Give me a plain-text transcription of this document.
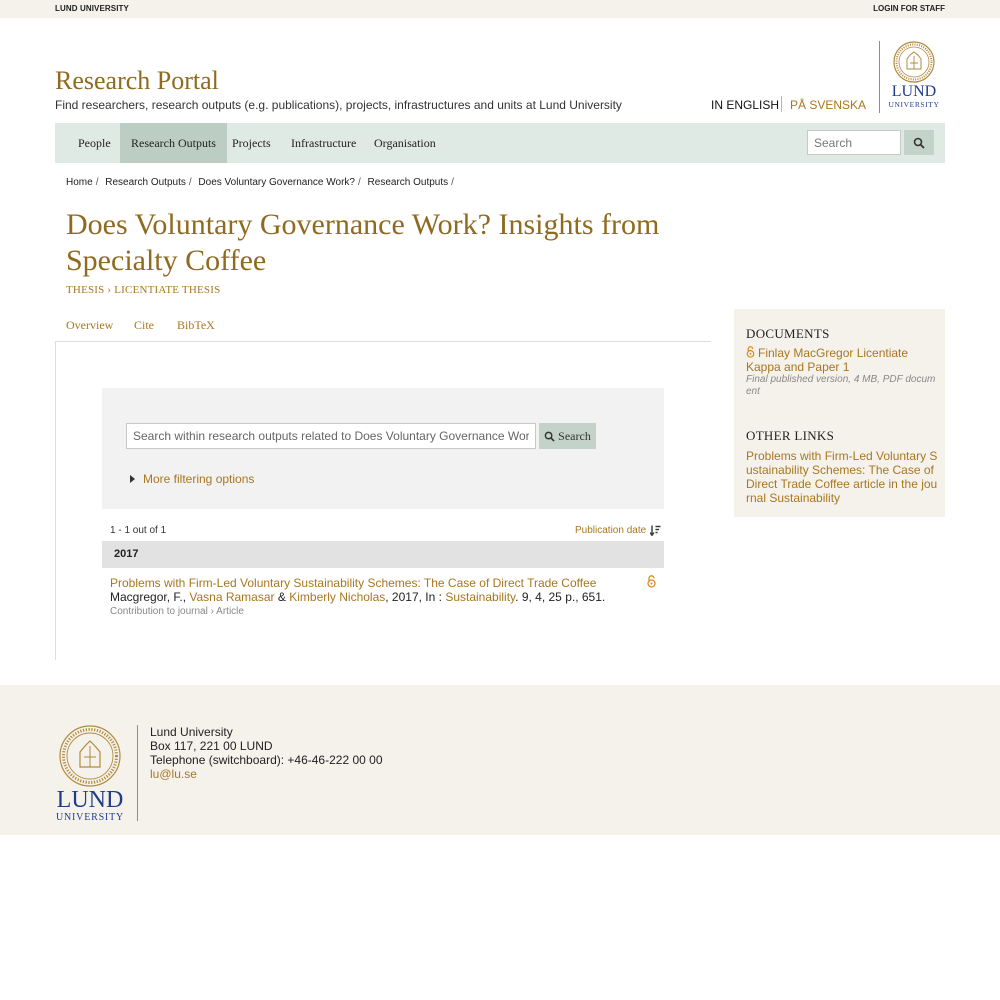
LUND UNIVERSITY	LOGIN FOR STAFF
Research Portal
Find researchers, research outputs (e.g. publications), projects, infrastructures and units at Lund University	IN ENGLISH PÅ SVENSKA
LUND
UNIVERSITY
People	Research Outputs	Projects	Infrastructure	Organisation
Search
Home / Research Outputs / Does Voluntary Governance Work? / Research Outputs /
Does Voluntary Governance Work? Insights from Specialty Coffee
THESIS › LICENTIATE THESIS
Overview Cite BibTeX
Search within research outputs related to Does Voluntary Governance Work?
Search
More filtering options
1 - 1 out of 1	Publication date
2017
Problems with Firm-Led Voluntary Sustainability Schemes: The Case of Direct Trade Coffee
Macgregor, F., Vasna Ramasar & Kimberly Nicholas, 2017, In : Sustainability. 9, 4, 25 p., 651.
Contribution to journal › Article
DOCUMENTS
Finlay MacGregor Licentiate Kappa and Paper 1
Final published version, 4 MB, PDF document
OTHER LINKS
Problems with Firm-Led Voluntary Sustainability Schemes: The Case of Direct Trade Coffee article in the journal Sustainability
LUND
UNIVERSITY
Lund University
Box 117, 221 00 LUND
Telephone (switchboard): +46-46-222 00 00
lu@lu.se
